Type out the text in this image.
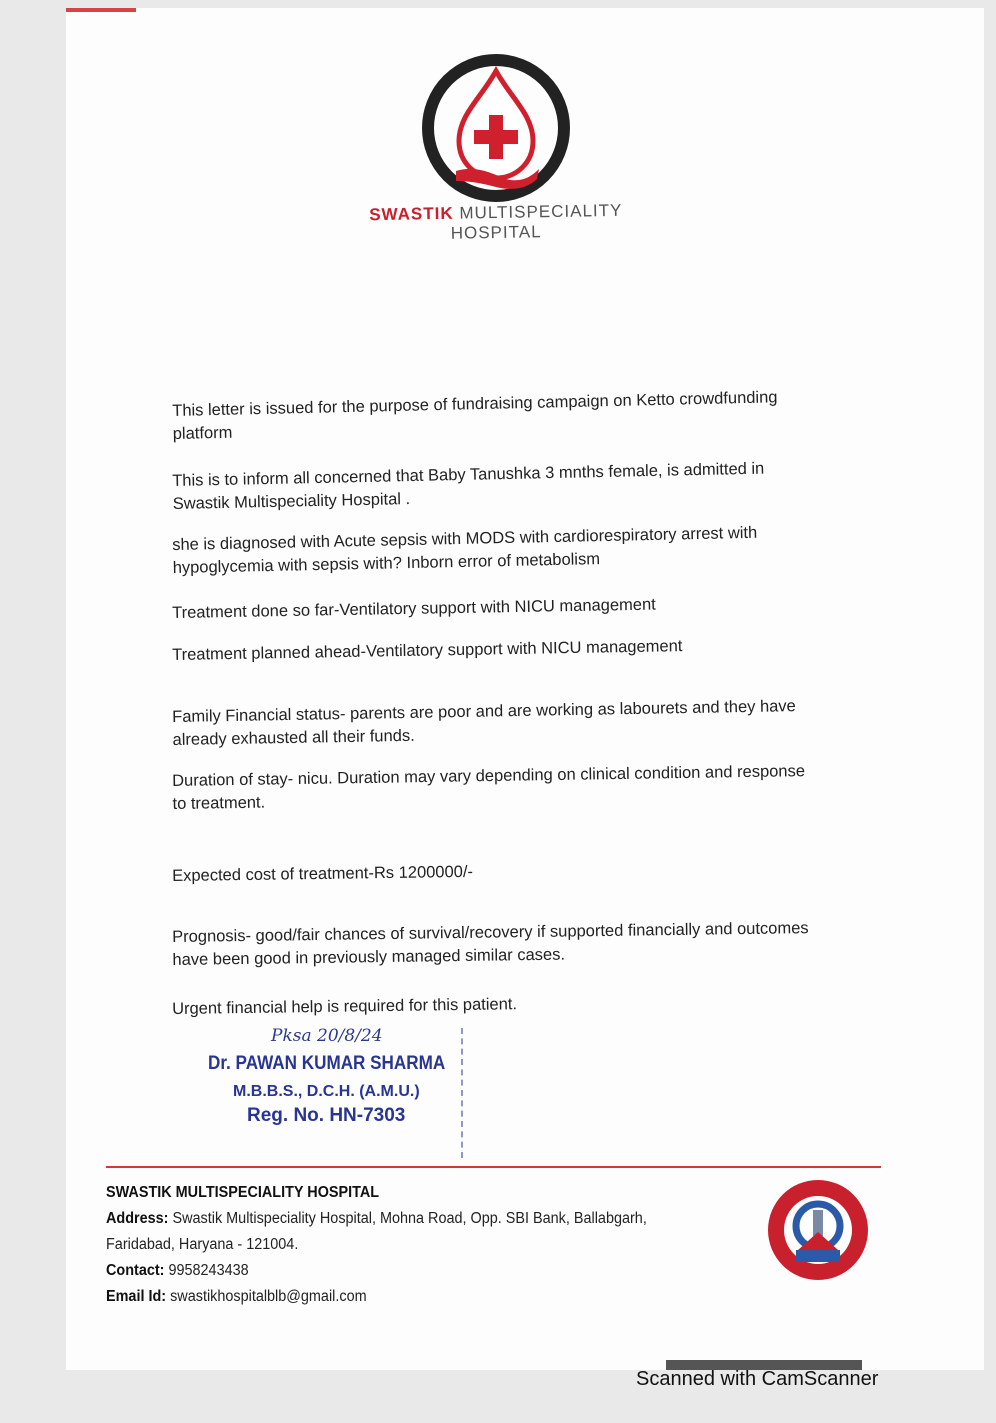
SWASTIK MULTISPECIALITY HOSPITAL
This letter is issued for the purpose of fundraising campaign on Ketto crowdfunding platform
This is to inform all concerned that Baby Tanushka 3 mnths female, is admitted in Swastik Multispeciality Hospital .
she is diagnosed with Acute sepsis with MODS with cardiorespiratory arrest with hypoglycemia with sepsis with? Inborn error of metabolism
Treatment done so far-Ventilatory support with NICU management
Treatment planned ahead-Ventilatory support with NICU management
Family Financial status- parents are poor and are working as labourets and they have already exhausted all their funds.
Duration of stay- nicu. Duration may vary depending on clinical condition and response to treatment.
Expected cost of treatment-Rs 1200000/-
Prognosis- good/fair chances of survival/recovery if supported financially and outcomes have been good in previously managed similar cases.
Urgent financial help is required for this patient.
Pksa 20/8/24
Dr. PAWAN KUMAR SHARMA
M.B.B.S., D.C.H. (A.M.U.)
Reg. No. HN-7303
SWASTIK MULTISPECIALITY HOSPITAL
Address: Swastik Multispeciality Hospital, Mohna Road, Opp. SBI Bank, Ballabgarh,
Faridabad, Haryana - 121004.
Contact: 9958243438
Email Id: swastikhospitalblb@gmail.com
Scanned with CamScanner
